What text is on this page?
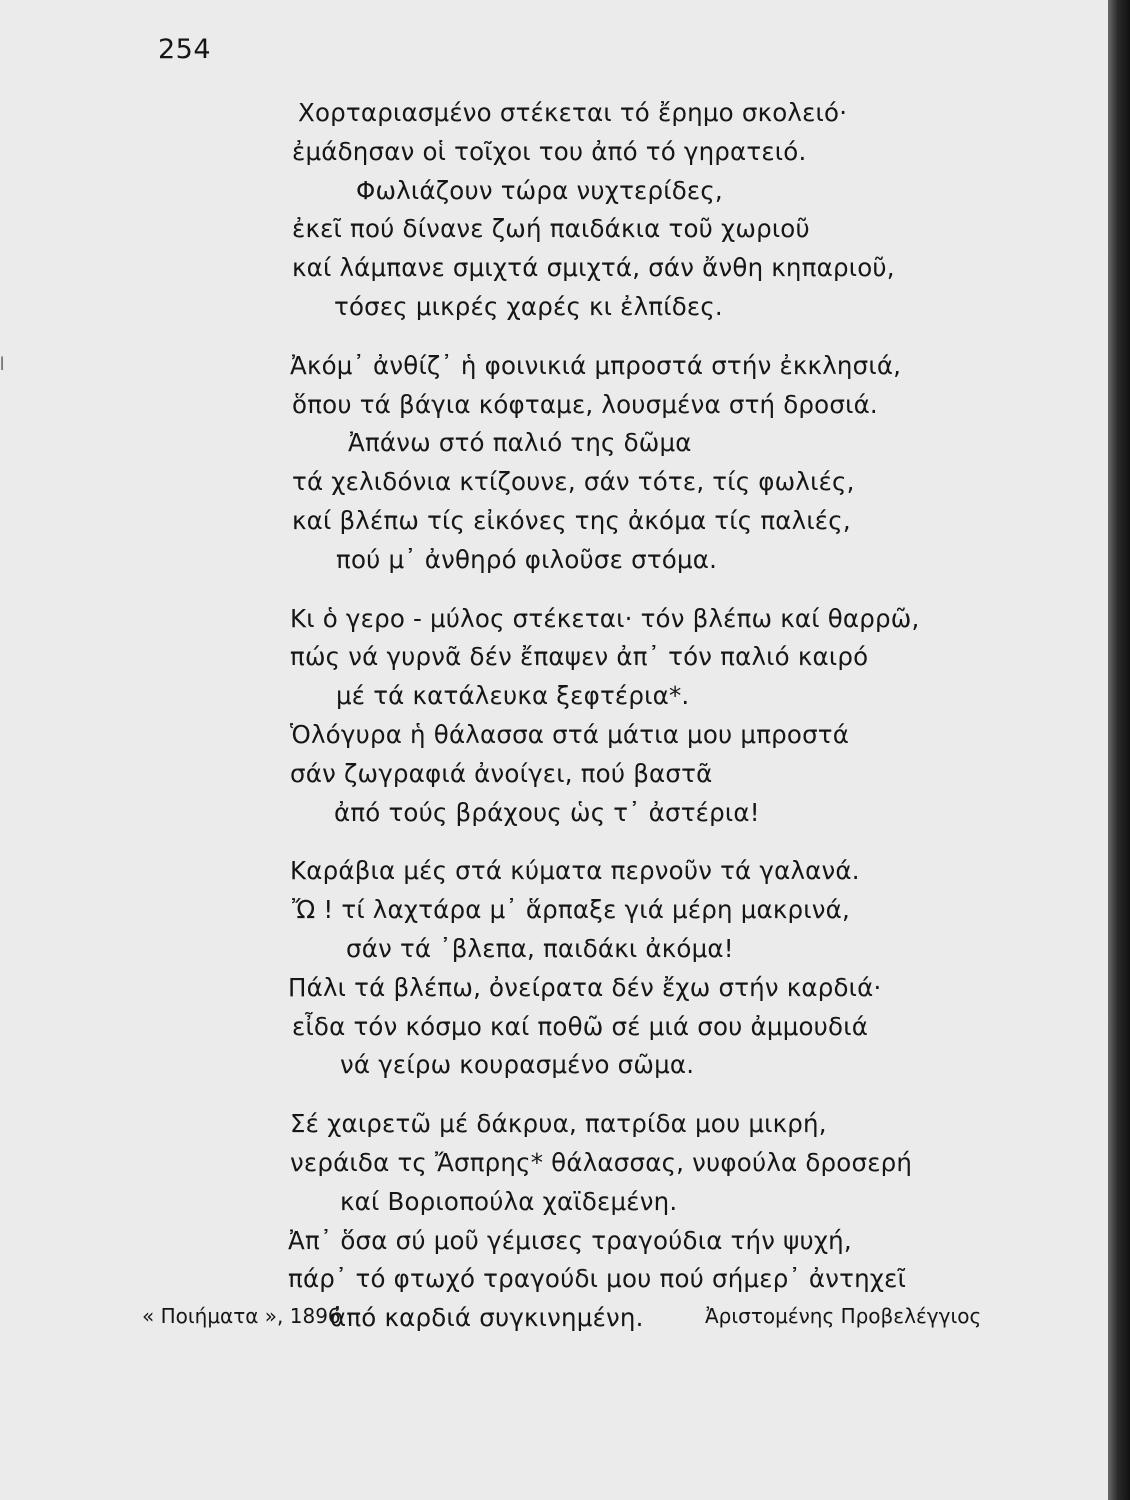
254
ǀ
Χορταριασμένο στέκεται τό ἔρημο σκολειό·
ἐμάδησαν οἱ τοῖχοι του ἀπό τό γηρατειό.
Φωλιάζουν τώρα νυχτερίδες,
ἐκεῖ πού δίνανε ζωή παιδάκια τοῦ χωριοῦ
καί λάμπανε σμιχτά σμιχτά, σάν ἄνθη κηπαριοῦ,
τόσες μικρές χαρές κι ἐλπίδες.
Ἀκόμ᾽ ἀνθίζ᾽ ἡ φοινικιά μπροστά στήν ἐκκλησιά,
ὅπου τά βάγια κόφταμε, λουσμένα στή δροσιά.
Ἀπάνω στό παλιό της δῶμα
τά χελιδόνια κτίζουνε, σάν τότε, τίς φωλιές,
καί βλέπω τίς εἰκόνες της ἀκόμα τίς παλιές,
πού μ᾽ ἀνθηρό φιλοῦσε στόμα.
Κι ὁ γερο - μύλος στέκεται· τόν βλέπω καί θαρρῶ,
πώς νά γυρνᾶ δέν ἔπαψεν ἀπ᾽ τόν παλιό καιρό
μέ τά κατάλευκα ξεφτέρια*.
Ὁλόγυρα ἡ θάλασσα στά μάτια μου μπροστά
σάν ζωγραφιά ἀνοίγει, πού βαστᾶ
ἀπό τούς βράχους ὡς τ᾽ ἀστέρια!
Καράβια μές στά κύματα περνοῦν τά γαλανά.
Ὤ ! τί λαχτάρα μ᾽ ἅρπαξε γιά μέρη μακρινά,
σάν τά ᾽βλεπα, παιδάκι ἀκόμα!
Πάλι τά βλέπω, ὀνείρατα δέν ἔχω στήν καρδιά·
εἶδα τόν κόσμο καί ποθῶ σέ μιά σου ἀμμουδιά
νά γείρω κουρασμένο σῶμα.
Σέ χαιρετῶ μέ δάκρυα, πατρίδα μου μικρή,
νεράιδα τς Ἄσπρης* θάλασσας, νυφούλα δροσερή
καί Βοριοπούλα χαϊδεμένη.
Ἀπ᾽ ὅσα σύ μοῦ γέμισες τραγούδια τήν ψυχή,
πάρ᾽ τό φτωχό τραγούδι μου πού σήμερ᾽ ἀντηχεῖ
ἀπό καρδιά συγκινημένη.
« Ποιήματα », 1896	Ἀριστομένης Προβελέγγιος
